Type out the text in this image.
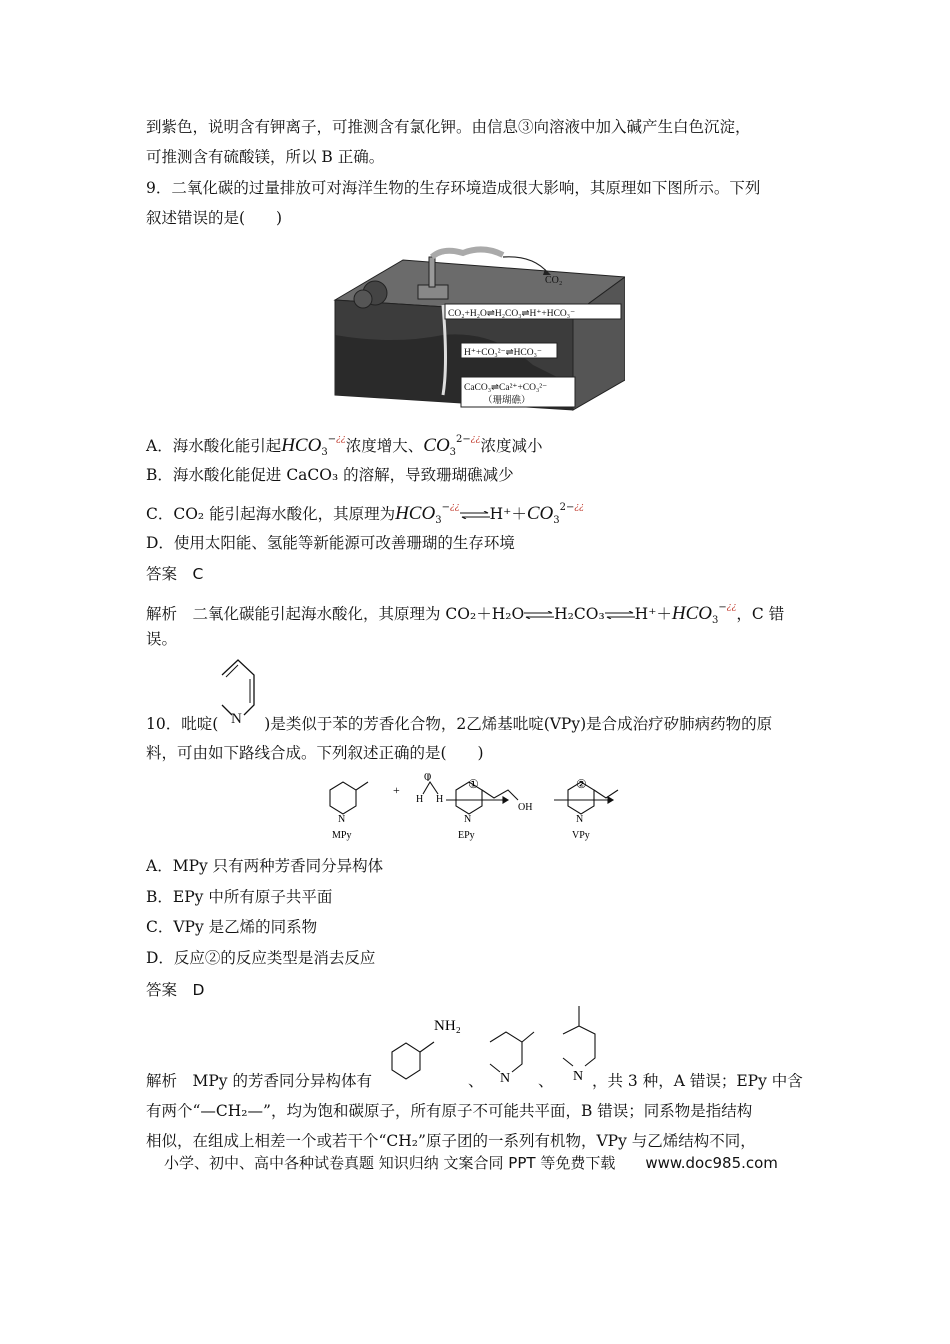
到紫色，说明含有钾离子，可推测含有氯化钾。由信息③向溶液中加入碱产生白色沉淀，
可推测含有硫酸镁，所以 B 正确。
9．二氧化碳的过量排放可对海洋生物的生存环境造成很大影响，其原理如下图所示。下列
叙述错误的是(　　)
CO₂
CO₂+H₂O⇌H₂CO₃⇌H⁺+HCO₃⁻
H⁺+CO₃²⁻⇌HCO₃⁻
CaCO₃⇌Ca²⁺+CO₃²⁻
（珊瑚礁）
A．海水酸化能引起$HCO_3^{-¿¿}$浓度增大、$CO_3^{2-¿¿}$浓度减小
B．海水酸化能促进 CaCO₃ 的溶解，导致珊瑚礁减少
C．CO₂ 能引起海水酸化，其原理为$HCO_3^{-¿¿}$ $\rightleftharpoons H^++CO_3^{2-¿¿}$
D．使用太阳能、氢能等新能源可改善珊瑚的生存环境
答案　C
解析　二氧化碳能引起海水酸化，其原理为 $CO_2+H_2O\rightleftharpoons H_2CO_3\rightleftharpoons H^++HCO_3^{-¿¿}$，C 错
误。
10．吡啶(	)是类似于苯的芳香化合物，2乙烯基吡啶(VPy)是合成治疗矽肺病药物的原
N
料，可由如下路线合成。下列叙述正确的是(　　)
N	N	N
+
O
H H
①
OH
②
MPy	EPy	VPy
A．MPy 只有两种芳香同分异构体
B．EPy 中所有原子共平面
C．VPy 是乙烯的同系物
D．反应②的反应类型是消去反应
答案　D
NH₂
N	N
解析　MPy 的芳香同分异构体有	、	、 ，共 3 种，A 错误；EPy 中含
有两个“—CH₂—”，均为饱和碳原子，所有原子不可能共平面，B 错误；同系物是指结构
相似，在组成上相差一个或若干个“CH₂”原子团的一系列有机物，VPy 与乙烯结构不同，
小学、初中、高中各种试卷真题 知识归纳 文案合同 PPT 等免费下载 www.doc985.com
